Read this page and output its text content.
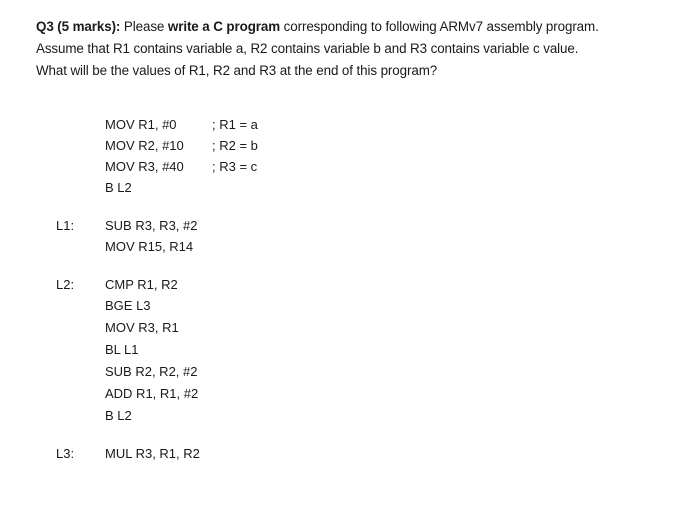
Q3 (5 marks): Please write a C program corresponding to following ARMv7 assembly program.
Assume that R1 contains variable a, R2 contains variable b and R3 contains variable c value.
What will be the values of R1, R2 and R3 at the end of this program?
MOV R1, #0	; R1 = a
MOV R2, #10 ; R2 = b
MOV R3, #40 ; R3 = c
B L2
L1:	SUB R3, R3, #2
MOV R15, R14
L2:	CMP R1, R2
BGE L3
MOV R3, R1
BL L1
SUB R2, R2, #2
ADD R1, R1, #2
B L2
L3:	MUL R3, R1, R2
